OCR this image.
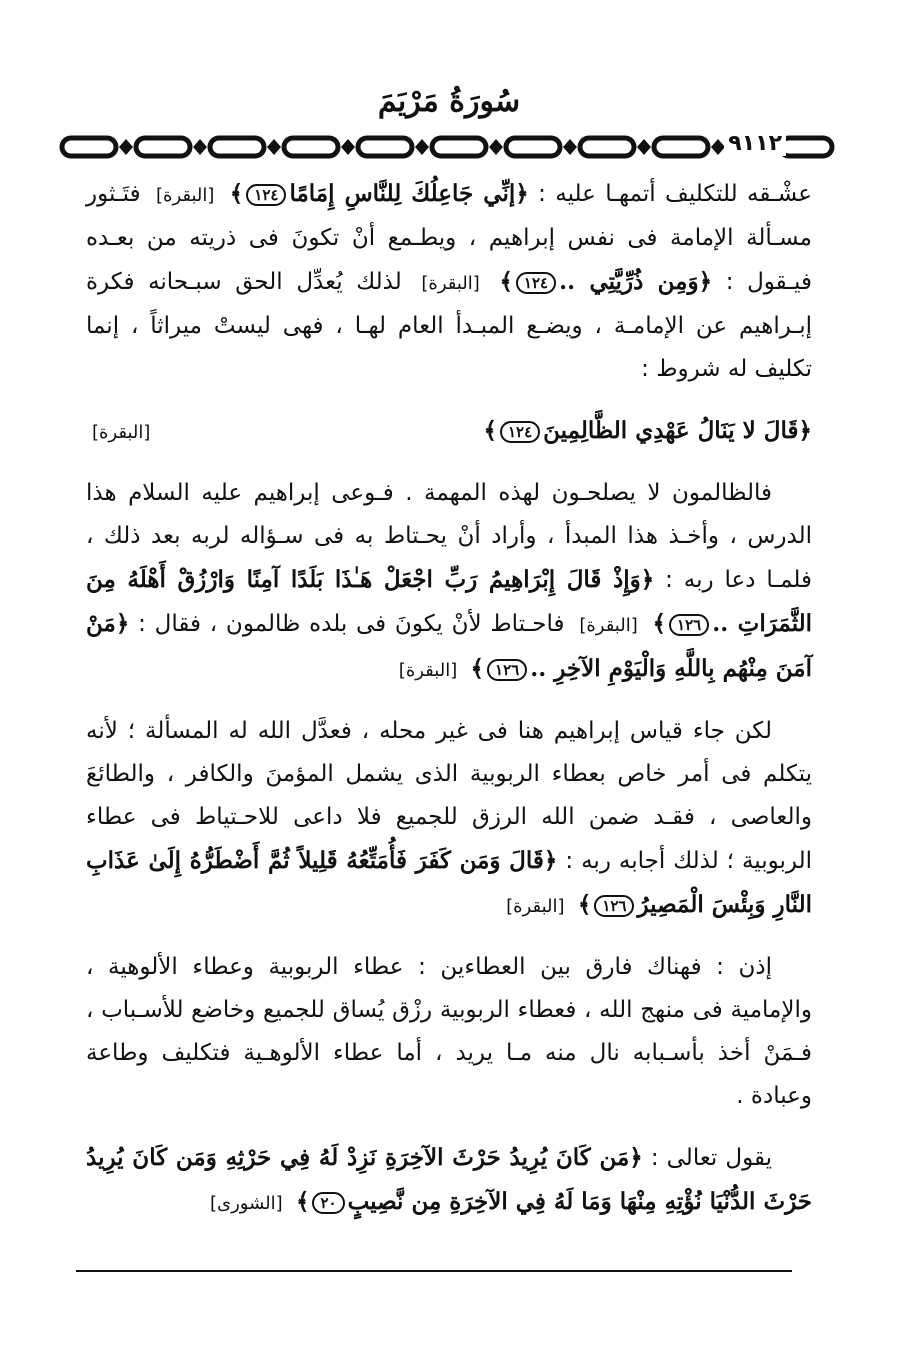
سُورَةُ مَرْيَمَ
٩١١٢

عشْـقه للتكليف أتمهـا عليه : ﴿إنِّي جَاعِلُكَ لِلنَّاسِ إِمَامًا١٢٤﴾ [البقرة] فتَـثور مسـألة الإمامة فى نفس إبراهيم ، ويطـمع أنْ تكونَ فى ذريته من بعـده فيـقول : ﴿وَمِن ذُرِّيَّتِي ..١٢٤﴾ [البقرة] لذلك يُعدِّل الحق سبـحانه فكرة إبـراهيم عن الإمامـة ، ويضـع المبـدأ العام لهـا ، فهى ليستْ ميراثاً ، إنما تكليف له شروط :

﴿قَالَ لا يَنَالُ عَهْدِي الظَّالِمِينَ١٢٤﴾
[البقرة]

فالظالمون لا يصلحـون لهذه المهمة . فـوعى إبراهيم عليه السلام هذا الدرس ، وأخـذ هذا المبدأ ، وأراد أنْ يحـتاط به فى سـؤاله لربه بعد ذلك ، فلمـا دعا ربه : ﴿وَإِذْ قَالَ إِبْرَاهِيمُ رَبِّ اجْعَلْ هَـٰذَا بَلَدًا آمِنًا وَارْزُقْ أَهْلَهُ مِنَ الثَّمَرَاتِ ..١٢٦﴾ [البقرة] فاحـتاط لأنْ يكونَ فى بلده ظالمون ، فقال : ﴿مَنْ آمَنَ مِنْهُم بِاللَّهِ وَالْيَوْمِ الآخِرِ ..١٢٦﴾ [البقرة]

لكن جاء قياس إبراهيم هنا فى غير محله ، فعدَّل الله له المسألة ؛ لأنه يتكلم فى أمر خاص بعطاء الربوبية الذى يشمل المؤمنَ والكافر ، والطائعَ والعاصى ، فقـد ضمن الله الرزق للجميع فلا داعى للاحـتياط فى عطاء الربوبية ؛ لذلك أجابه ربه : ﴿قَالَ وَمَن كَفَرَ فَأُمَتِّعُهُ قَلِيلاً ثُمَّ أَضْطَرُّهُ إِلَىٰ عَذَابِ النَّارِ وَبِئْسَ الْمَصِيرُ١٢٦﴾ [البقرة]

إذن : فهناك فارق بين العطاءين : عطاء الربوبية وعطاء الألوهية ، والإمامية فى منهج الله ، فعطاء الربوبية رزْق يُساق للجميع وخاضع للأسـباب ، فـمَنْ أخذ بأسـبابه نال منه مـا يريد ، أما عطاء الألوهـية فتكليف وطاعة وعبادة .

يقول تعالى : ﴿مَن كَانَ يُرِيدُ حَرْثَ الآخِرَةِ نَزِدْ لَهُ فِي حَرْثِهِ وَمَن كَانَ يُرِيدُ حَرْثَ الدُّنْيَا نُؤْتِهِ مِنْهَا وَمَا لَهُ فِي الآخِرَةِ مِن نَّصِيبٍ٢٠﴾ [الشورى]
